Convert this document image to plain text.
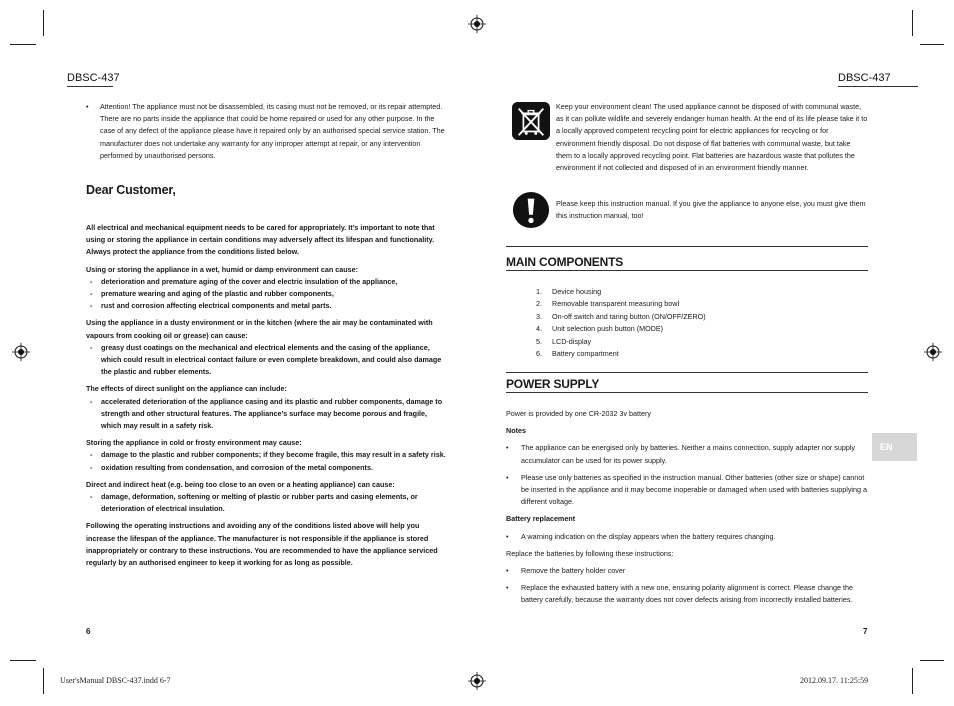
DBSC-437	DBSC-437
• Attention! The appliance must not be disassembled, its casing must not be removed, or its repair attempted. There are no parts inside the appliance that could be home repaired or used for any other purpose. In the case of any defect of the appliance please have it repaired only by an authorised special service station. The manufacturer does not undertake any warranty for any improper attempt at repair, or any intervention performed by unauthorised persons.
Dear Customer,

All electrical and mechanical equipment needs to be cared for appropriately. It’s important to note that using or storing the appliance in certain conditions may adversely affect its lifespan and functionality. Always protect the appliance from the conditions listed below.

Using or storing the appliance in a wet, humid or damp environment can cause:

- deterioration and premature aging of the cover and electric insulation of the appliance,
- premature wearing and aging of the plastic and rubber components,
- rust and corrosion affecting electrical components and metal parts.

Using the appliance in a dusty environment or in the kitchen (where the air may be contaminated with vapours from cooking oil or grease) can cause:

- greasy dust coatings on the mechanical and electrical elements and the casing of the appliance, which could result in electrical contact failure or even complete breakdown, and could also damage the plastic and rubber elements.

The effects of direct sunlight on the appliance can include:

- accelerated deterioration of the appliance casing and its plastic and rubber components, damage to strength and other structural features. The appliance’s surface may become porous and fragile, which may result in a safety risk.

Storing the appliance in cold or frosty environment may cause:

- damage to the plastic and rubber components; if they become fragile, this may result in a safety risk.
- oxidation resulting from condensation, and corrosion of the metal components.

Direct and indirect heat (e.g. being too close to an oven or a heating appliance) can cause:

- damage, deformation, softening or melting of plastic or rubber parts and casing elements, or deterioration of electrical insulation.

Following the operating instructions and avoiding any of the conditions listed above will help you increase the lifespan of the appliance. The manufacturer is not responsible if the appliance is stored inappropriately or contrary to these instructions. You are recommended to have the appliance serviced regularly by an authorised engineer to keep it working for as long as possible.

6
Keep your environment clean! The used appliance cannot be disposed of with communal waste, as it can pollute wildlife and severely endanger human health. At the end of its life please take it to a locally approved competent recycling point for electric appliances for recycling or for environment friendly disposal. Do not dispose of flat batteries with communal waste, but take them to a locally approved recycling point. Flat batteries are hazardous waste that pollutes the environment if not collected and disposed of in an environment friendly manner.
Please keep this instruction manual. If you give the appliance to anyone else, you must give them this instruction manual, too!
MAIN COMPONENTS
1. Device housing
2. Removable transparent measuring bowl
3. On-off switch and taring button (ON/OFF/ZERO)
4. Unit selection push button (MODE)
5. LCD-display
6. Battery compartment
POWER SUPPLY

Power is provided by one CR-2032 3v battery

Notes

• The appliance can be energised only by batteries. Neither a mains connection, supply adapter nor supply accumulator can be used for its power supply.
• Please use only batteries as specified in the instruction manual. Other batteries (other size or shape) cannot be inserted in the appliance and it may become inoperable or damaged when used with batteries supplying a different voltage.

Battery replacement

• A warning indication on the display appears when the battery requires changing.

Replace the batteries by following these instructions:

• Remove the battery holder cover
• Replace the exhausted battery with a new one, ensuring polarity alignment is correct. Please change the battery carefully, because the warranty does not cover defects arising from incorrectly installed batteries.
EN
7
User'sManual DBSC-437.indd 6-7	2012.09.17. 11:25:59
